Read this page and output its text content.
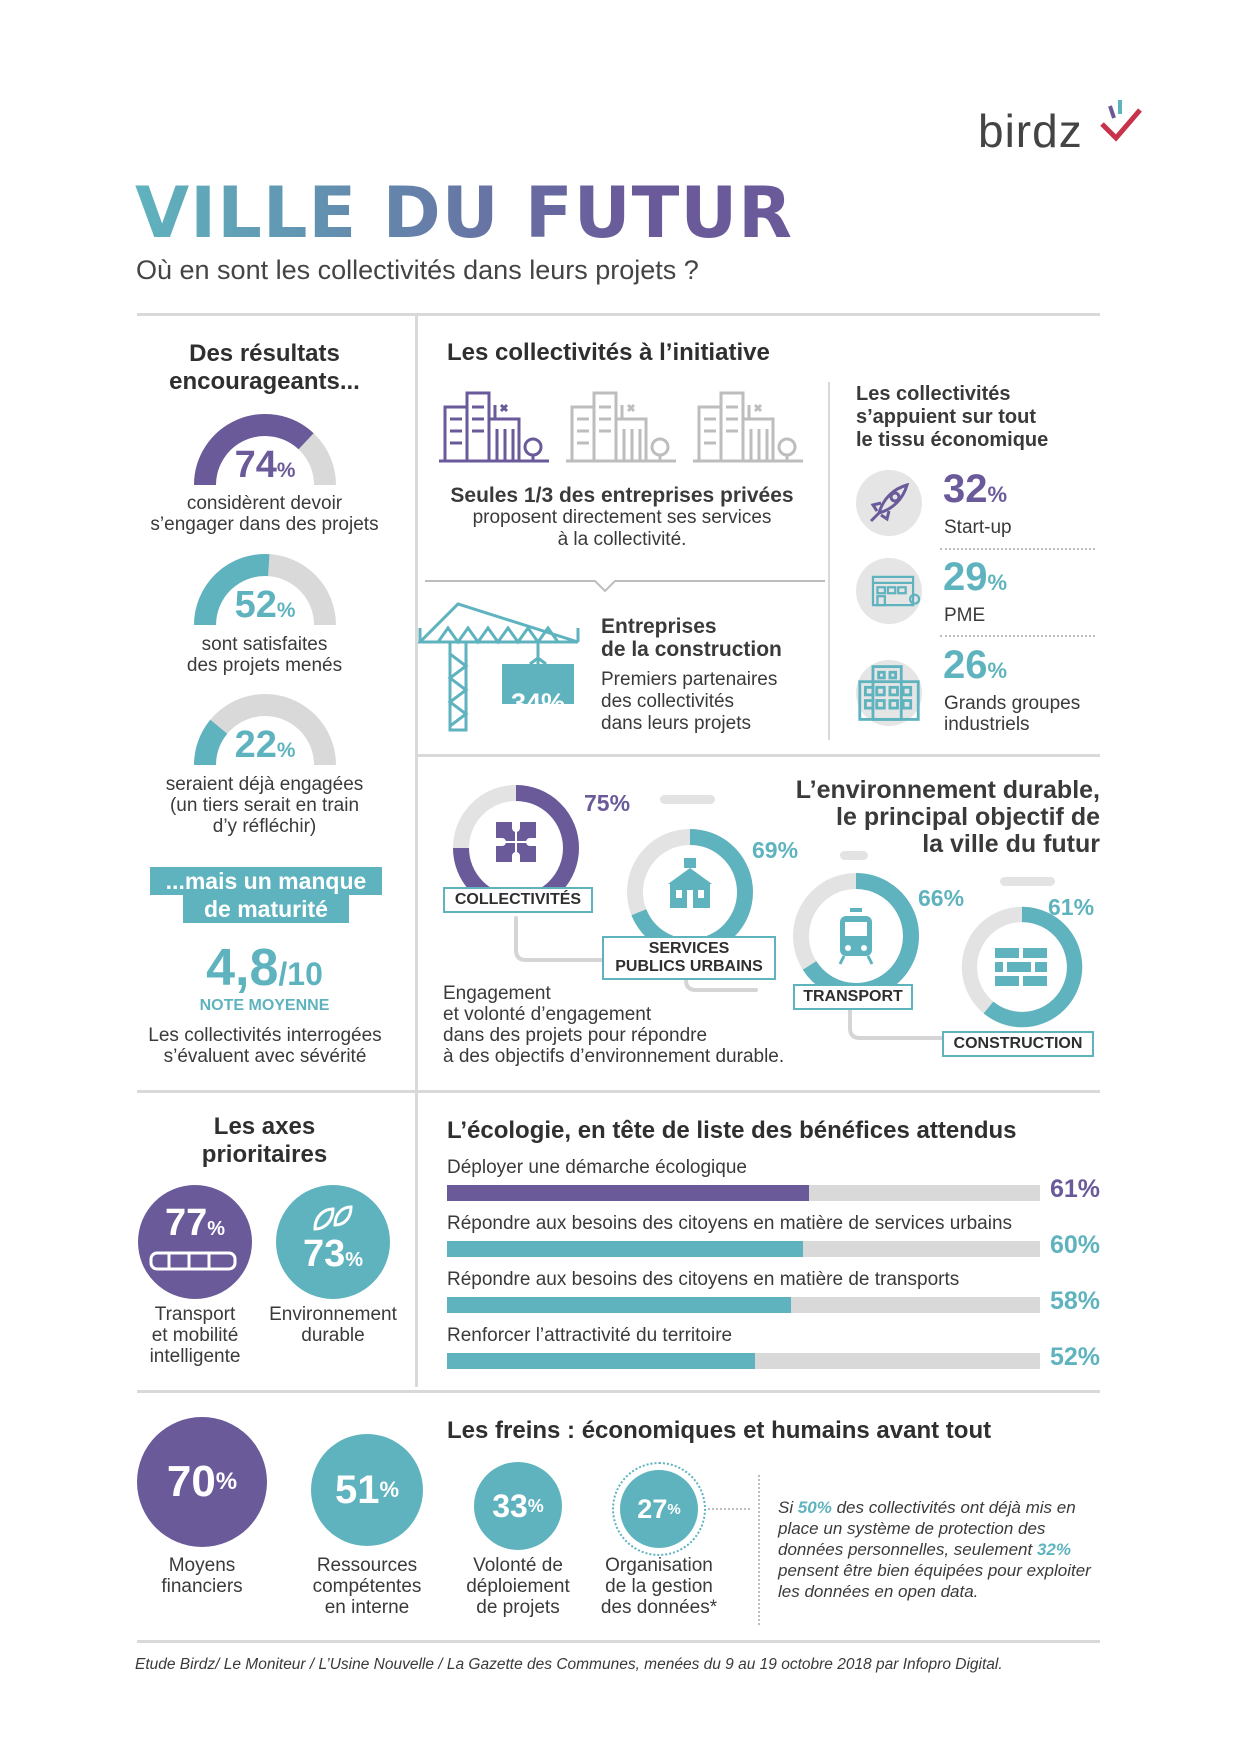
birdz
VILLE DU FUTUR
Où en sont les collectivités dans leurs projets ?
Des résultats
encourageants...
74%
considèrent devoir
s’engager dans des projets
52%
sont satisfaites
des projets menés
22%
seraient déjà engagées
(un tiers serait en train
d’y réfléchir)
...mais un manque
de maturité
4,8/10
NOTE MOYENNE
Les collectivités interrogées
s’évaluent avec sévérité
Les collectivités à l’initiative
Seules 1/3 des entreprises privées
proposent directement ses services
à la collectivité.
34%
Entreprises
de la construction
Premiers partenaires
des collectivités
dans leurs projets
Les collectivités
s’appuient sur tout
le tissu économique
32%
Start-up
29%
PME
26%
Grands groupes
industriels
L’environnement durable,
le principal objectif de
la ville du futur
75%
COLLECTIVITÉS
69%
SERVICES
PUBLICS URBAINS
66%
TRANSPORT
61%
CONSTRUCTION
Engagement
et volonté d’engagement
dans des projets pour répondre
à des objectifs d’environnement durable.
Les axes
prioritaires
77%
Transport
et mobilité
intelligente
73%
Environnement
durable
L’écologie, en tête de liste des bénéfices attendus
Déployer une démarche écologique
61%
Répondre aux besoins des citoyens en matière de services urbains
60%
Répondre aux besoins des citoyens en matière de transports
58%
Renforcer l’attractivité du territoire
52%
Les freins : économiques et humains avant tout
70 %
Moyens
financiers
51 %
Ressources
compétentes
en interne
33 %
Volonté de
déploiement
de projets
27 %
Organisation
de la gestion
des données*
Si 50% des collectivités ont déjà mis en place un système de protection des données personnelles, seulement 32% pensent être bien équipées pour exploiter les données en open data.
Etude Birdz/ Le Moniteur / L’Usine Nouvelle / La Gazette des Communes, menées du 9 au 19 octobre 2018 par Infopro Digital.
